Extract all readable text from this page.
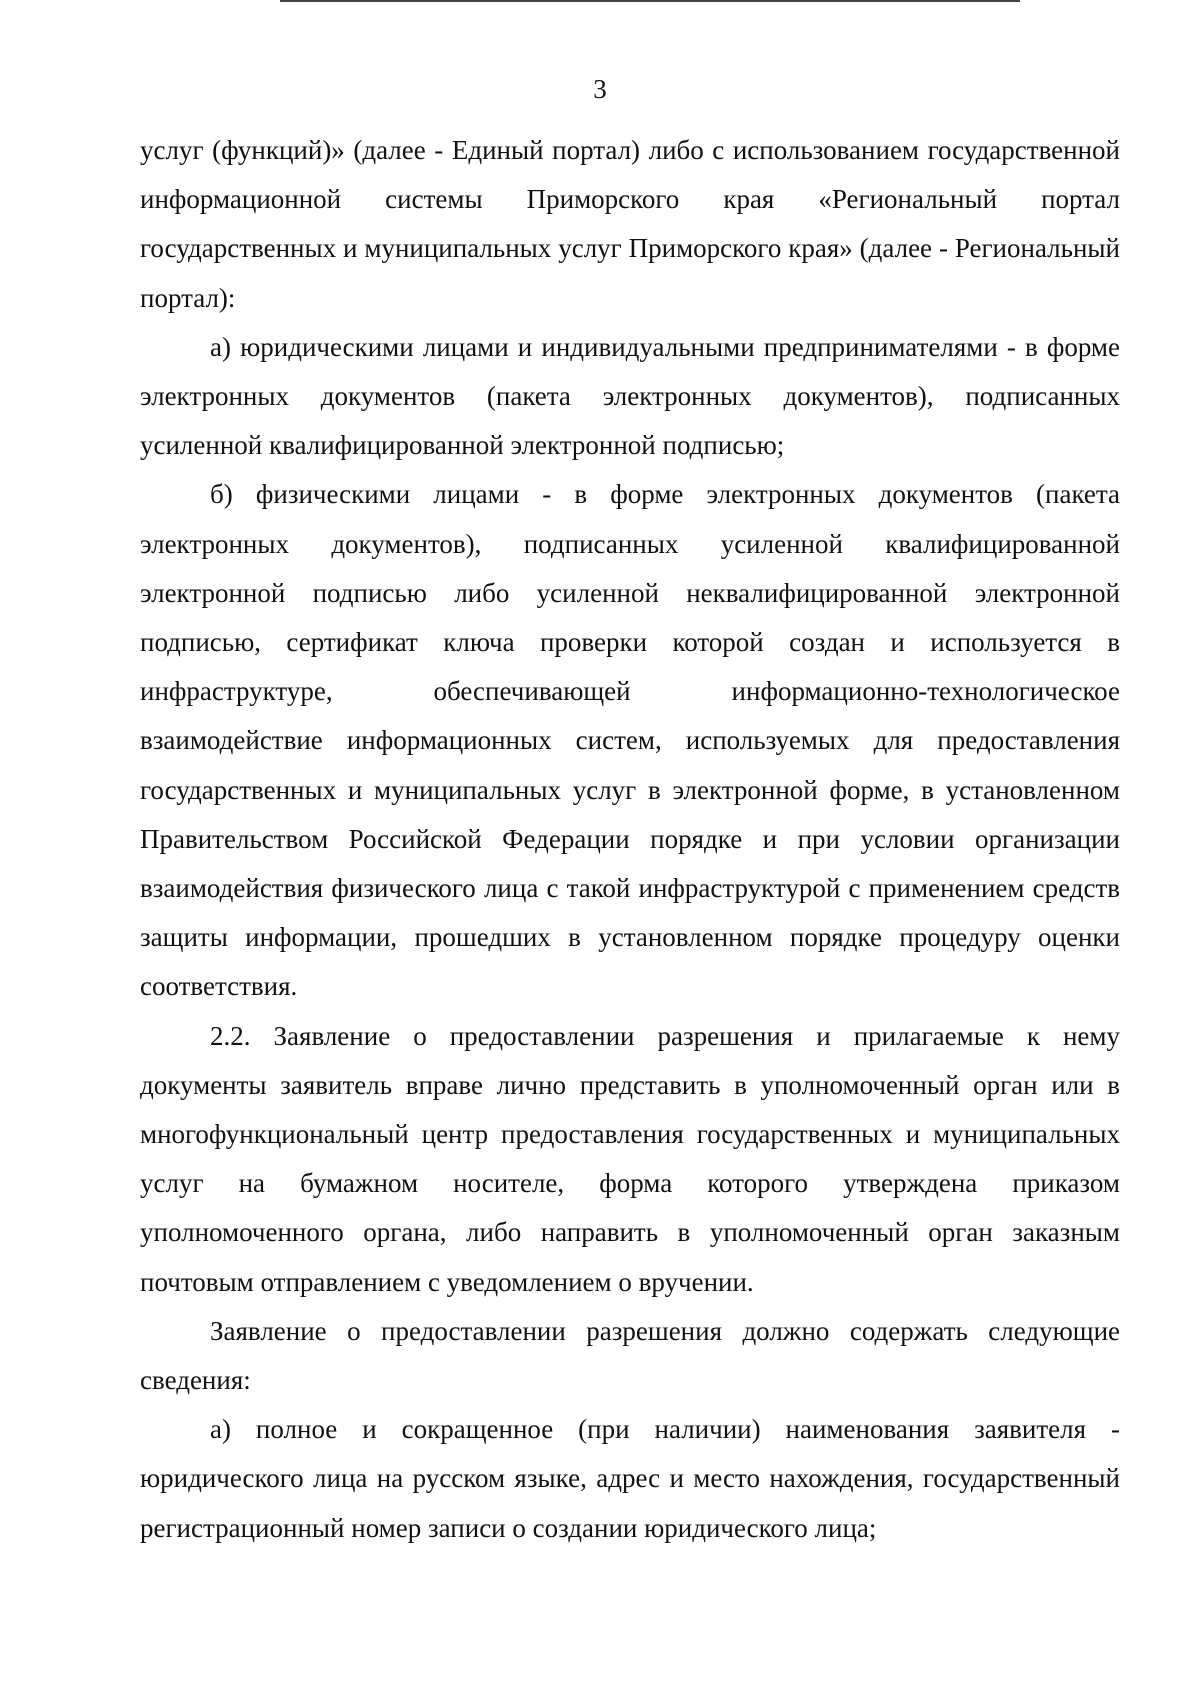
3

услуг (функций)» (далее - Единый портал) либо с использованием государственной информационной системы Приморского края «Региональный портал государственных и муниципальных услуг Приморского края» (далее - Региональный портал):

а) юридическими лицами и индивидуальными предпринимателями - в форме электронных документов (пакета электронных документов), подписанных усиленной квалифицированной электронной подписью;

б) физическими лицами - в форме электронных документов (пакета электронных документов), подписанных усиленной квалифицированной электронной подписью либо усиленной неквалифицированной электронной подписью, сертификат ключа проверки которой создан и используется в инфраструктуре, обеспечивающей информационно-технологическое взаимодействие информационных систем, используемых для предоставления государственных и муниципальных услуг в электронной форме, в установленном Правительством Российской Федерации порядке и при условии организации взаимодействия физического лица с такой инфраструктурой с применением средств защиты информации, прошедших в установленном порядке процедуру оценки соответствия.

2.2. Заявление о предоставлении разрешения и прилагаемые к нему документы заявитель вправе лично представить в уполномоченный орган или в многофункциональный центр предоставления государственных и муниципальных услуг на бумажном носителе, форма которого утверждена приказом уполномоченного органа, либо направить в уполномоченный орган заказным почтовым отправлением с уведомлением о вручении.

Заявление о предоставлении разрешения должно содержать следующие сведения:

а) полное и сокращенное (при наличии) наименования заявителя - юридического лица на русском языке, адрес и место нахождения, государственный регистрационный номер записи о создании юридического лица;
